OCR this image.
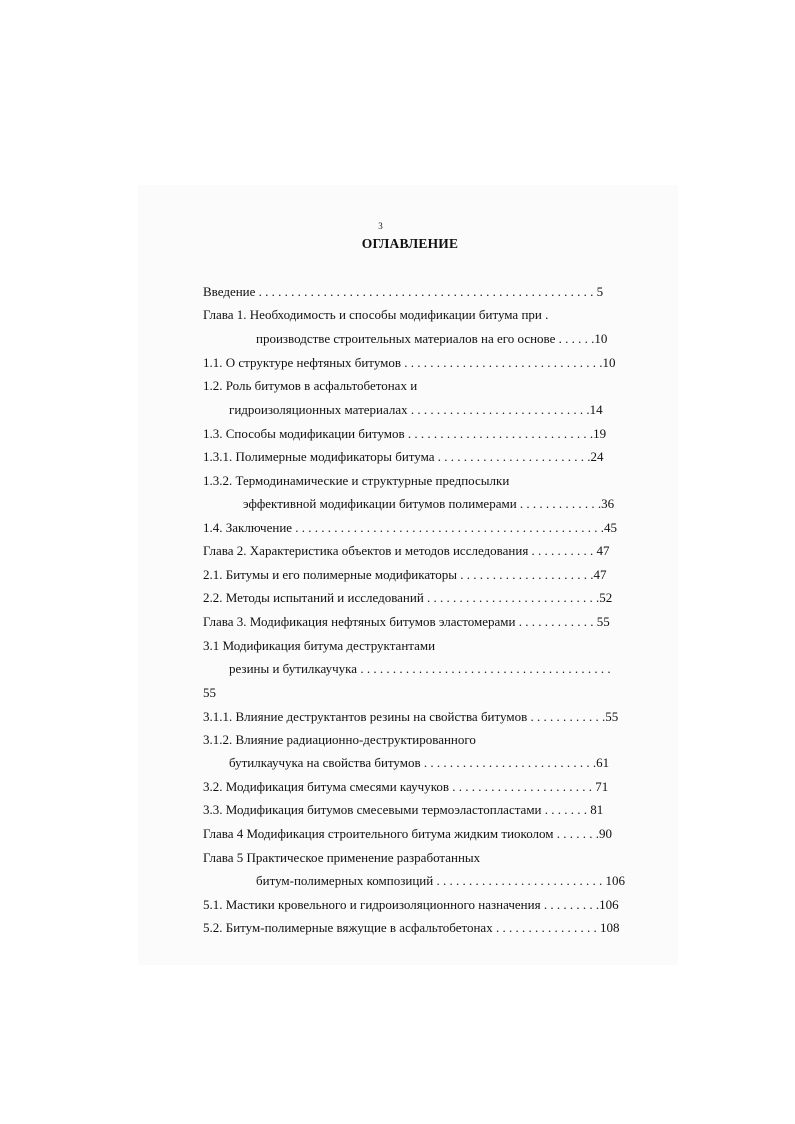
3
ОГЛАВЛЕНИЕ
Введение . . . . . . . . . . . . . . . . . . . . . . . . . . . . . . . . . . . . . . . . . . . . . . . . . . . . 5
Глава 1. Необходимость и способы модификации битума при .
производстве строительных материалов на его основе . . . . . .10
1.1. О структуре нефтяных битумов . . . . . . . . . . . . . . . . . . . . . . . . . . . . . . .10
1.2. Роль битумов в асфальтобетонах и
гидроизоляционных материалах . . . . . . . . . . . . . . . . . . . . . . . . . . . .14
1.3. Способы модификации битумов . . . . . . . . . . . . . . . . . . . . . . . . . . . . .19
1.3.1. Полимерные модификаторы битума . . . . . . . . . . . . . . . . . . . . . . . .24
1.3.2. Термодинамические и структурные предпосылки
эффективной модификации битумов полимерами . . . . . . . . . . . . .36
1.4. Заключение . . . . . . . . . . . . . . . . . . . . . . . . . . . . . . . . . . . . . . . . . . . . . . . .45
Глава 2. Характеристика объектов и методов исследования . . . . . . . . . . 47
2.1. Битумы и его полимерные модификаторы . . . . . . . . . . . . . . . . . . . . .47
2.2. Методы испытаний и исследований . . . . . . . . . . . . . . . . . . . . . . . . . . .52
Глава 3. Модификация нефтяных битумов эластомерами . . . . . . . . . . . . 55
3.1 Модификация битума деструктантами
резины и бутилкаучука . . . . . . . . . . . . . . . . . . . . . . . . . . . . . . . . . . . . . . .
55
3.1.1. Влияние деструктантов резины на свойства битумов . . . . . . . . . . . .55
3.1.2. Влияние радиационно-деструктированного
бутилкаучука на свойства битумов . . . . . . . . . . . . . . . . . . . . . . . . . . .61
3.2. Модификация битума смесями каучуков . . . . . . . . . . . . . . . . . . . . . . 71
3.3. Модификация битумов смесевыми термоэластопластами . . . . . . . 81
Глава 4 Модификация строительного битума жидким тиоколом . . . . . . .90
Глава 5 Практическое применение разработанных
битум-полимерных композиций . . . . . . . . . . . . . . . . . . . . . . . . . . 106
5.1. Мастики кровельного и гидроизоляционного назначения . . . . . . . . .106
5.2. Битум-полимерные вяжущие в асфальтобетонах . . . . . . . . . . . . . . . . 108
